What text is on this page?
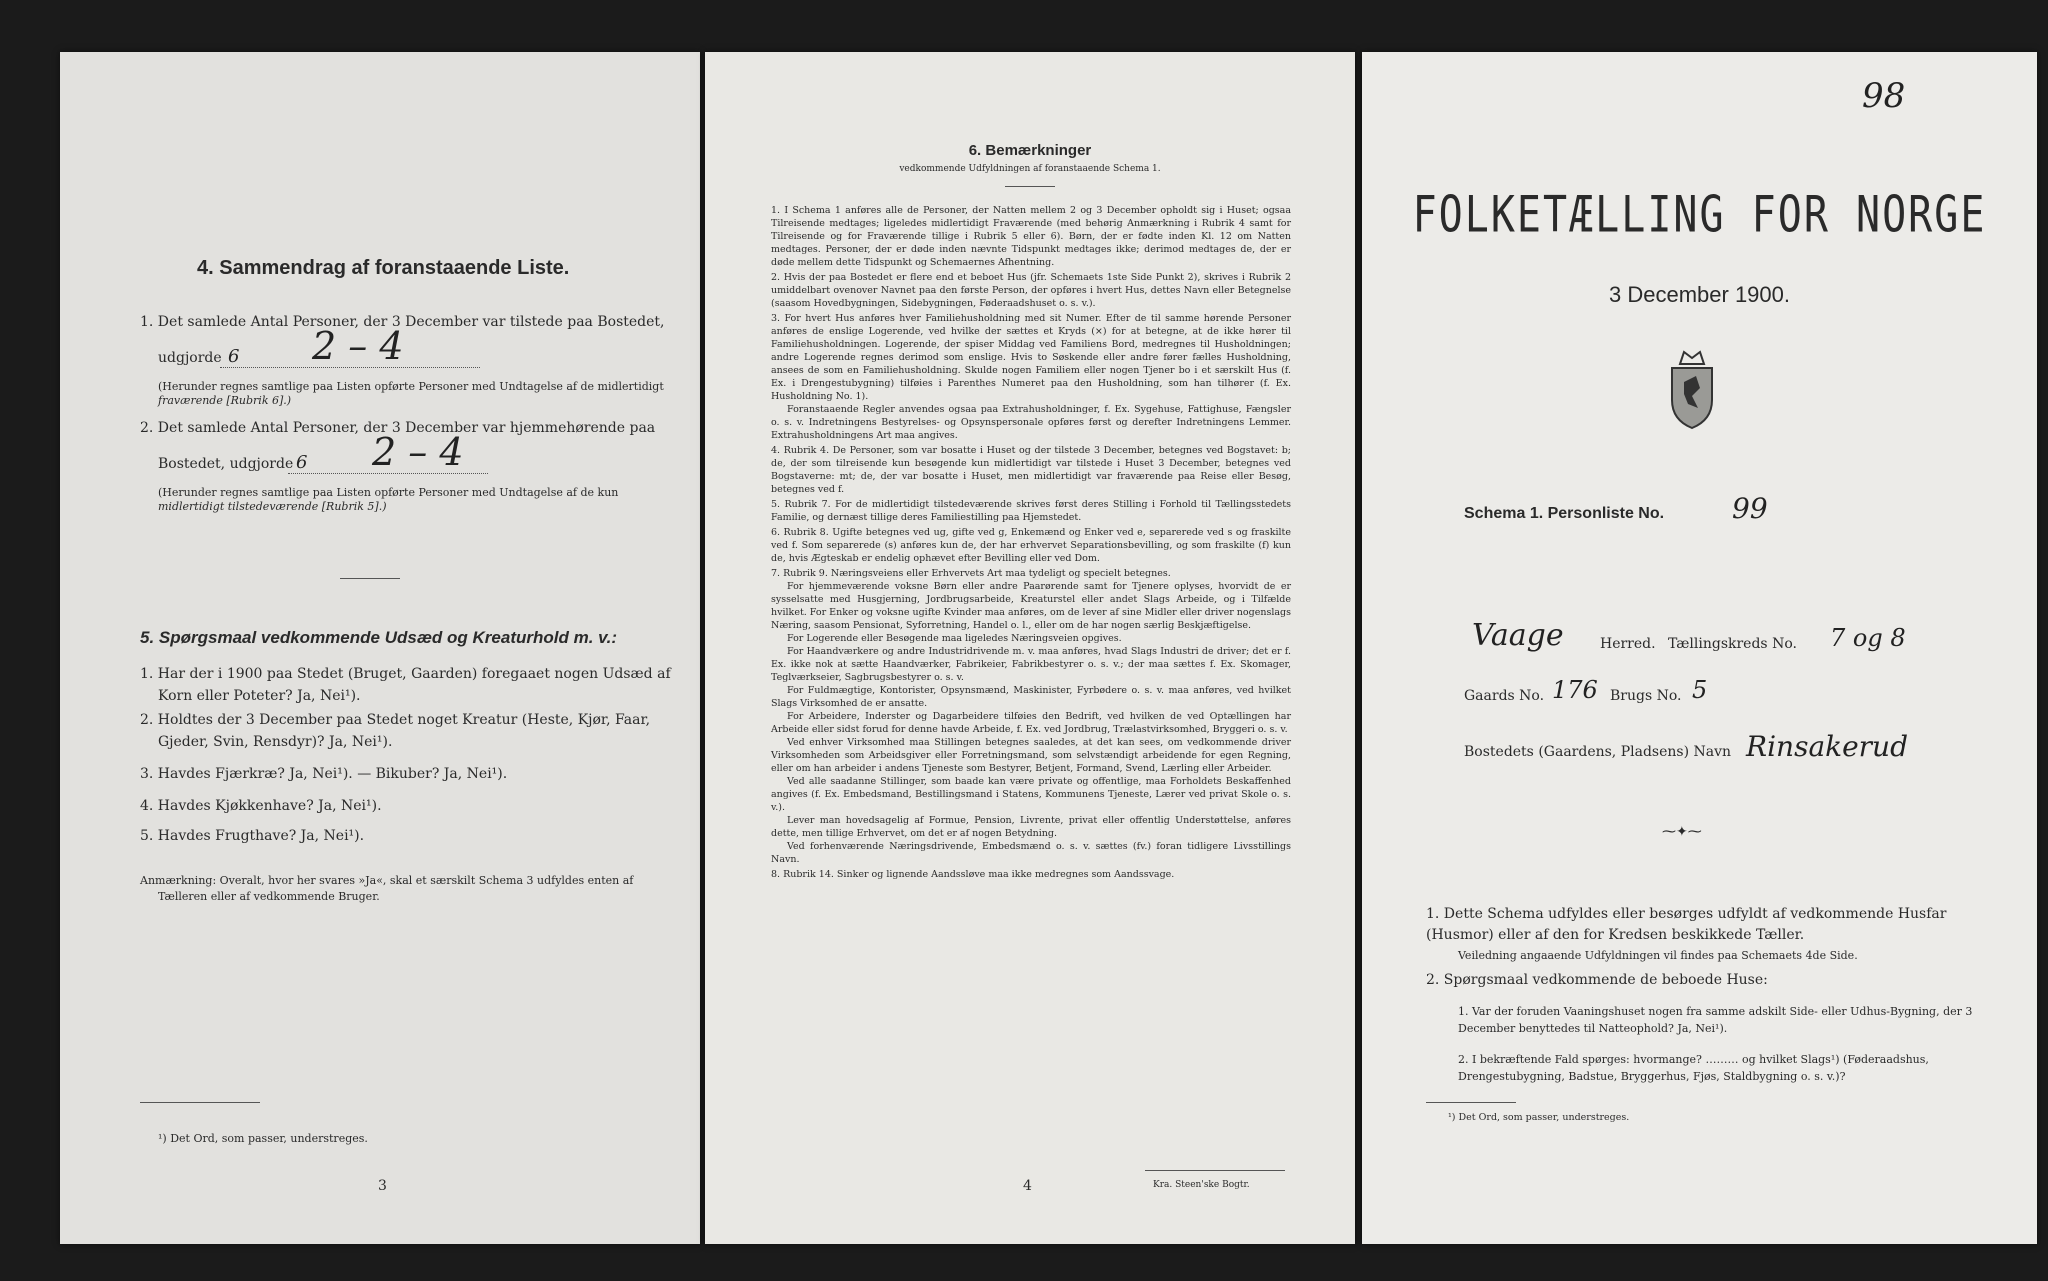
4. Sammendrag af foranstaaende Liste.
1. Det samlede Antal Personer, der 3 December var tilstede paa Bostedet,
udgjorde 6 2 – 4
(Herunder regnes samtlige paa Listen opførte Personer med Undtagelse af de midlertidigt
fraværende [Rubrik 6].)
2. Det samlede Antal Personer, der 3 December var hjemmehørende paa
Bostedet, udgjorde 6 2 – 4
(Herunder regnes samtlige paa Listen opførte Personer med Undtagelse af de kun
midlertidigt tilstedeværende [Rubrik 5].)
5. Spørgsmaal vedkommende Udsæd og Kreaturhold m. v.:
1. Har der i 1900 paa Stedet (Bruget, Gaarden) foregaaet nogen Udsæd af
Korn eller Poteter? Ja, Nei¹).
2. Holdtes der 3 December paa Stedet noget Kreatur (Heste, Kjør, Faar,
Gjeder, Svin, Rensdyr)? Ja, Nei¹).
3. Havdes Fjærkræ? Ja, Nei¹). — Bikuber? Ja, Nei¹).
4. Havdes Kjøkkenhave? Ja, Nei¹).
5. Havdes Frugthave? Ja, Nei¹).
Anmærkning: Overalt, hvor her svares »Ja«, skal et særskilt Schema 3 udfyldes enten af
Tælleren eller af vedkommende Bruger.
¹) Det Ord, som passer, understreges.
3
6. Bemærkninger
vedkommende Udfyldningen af foranstaaende Schema 1.
1. I Schema 1 anføres alle de Personer, der Natten mellem 2 og 3 December opholdt sig i Huset; ogsaa Tilreisende medtages; ligeledes midlertidigt Fraværende (med behørig Anmærkning i Rubrik 4 samt for Tilreisende og for Fraværende tillige i Rubrik 5 eller 6). Børn, der er fødte inden Kl. 12 om Natten medtages. Personer, der er døde inden nævnte Tidspunkt medtages ikke; derimod medtages de, der er døde mellem dette Tidspunkt og Schemaernes Afhentning.
2. Hvis der paa Bostedet er flere end et beboet Hus (jfr. Schemaets 1ste Side Punkt 2), skrives i Rubrik 2 umiddelbart ovenover Navnet paa den første Person, der opføres i hvert Hus, dettes Navn eller Betegnelse (saasom Hovedbygningen, Sidebygningen, Føderaadshuset o. s. v.).
3. For hvert Hus anføres hver Familiehusholdning med sit Numer. Efter de til samme hørende Personer anføres de enslige Logerende, ved hvilke der sættes et Kryds (×) for at betegne, at de ikke hører til Familiehusholdningen. Logerende, der spiser Middag ved Familiens Bord, medregnes til Husholdningen; andre Logerende regnes derimod som enslige. Hvis to Søskende eller andre fører fælles Husholdning, ansees de som en Familiehusholdning. Skulde nogen Familiem eller nogen Tjener bo i et særskilt Hus (f. Ex. i Drengestubygning) tilføies i Parenthes Numeret paa den Husholdning, som han tilhører (f. Ex. Husholdning No. 1).
Foranstaaende Regler anvendes ogsaa paa Extrahusholdninger, f. Ex. Sygehuse, Fattighuse, Fængsler o. s. v. Indretningens Bestyrelses- og Opsynspersonale opføres først og derefter Indretningens Lemmer. Extrahusholdningens Art maa angives.
4. Rubrik 4. De Personer, som var bosatte i Huset og der tilstede 3 December, betegnes ved Bogstavet: b; de, der som tilreisende kun besøgende kun midlertidigt var tilstede i Huset 3 December, betegnes ved Bogstaverne: mt; de, der var bosatte i Huset, men midlertidigt var fraværende paa Reise eller Besøg, betegnes ved f.
5. Rubrik 7. For de midlertidigt tilstedeværende skrives først deres Stilling i Forhold til Tællingsstedets Familie, og dernæst tillige deres Familiestilling paa Hjemstedet.
6. Rubrik 8. Ugifte betegnes ved ug, gifte ved g, Enkemænd og Enker ved e, separerede ved s og fraskilte ved f. Som separerede (s) anføres kun de, der har erhvervet Separationsbevilling, og som fraskilte (f) kun de, hvis Ægteskab er endelig ophævet efter Bevilling eller ved Dom.
7. Rubrik 9. Næringsveiens eller Erhvervets Art maa tydeligt og specielt betegnes.
For hjemmeværende voksne Børn eller andre Paarørende samt for Tjenere oplyses, hvorvidt de er sysselsatte med Husgjerning, Jordbrugsarbeide, Kreaturstel eller andet Slags Arbeide, og i Tilfælde hvilket. For Enker og voksne ugifte Kvinder maa anføres, om de lever af sine Midler eller driver nogenslags Næring, saasom Pensionat, Syforretning, Handel o. l., eller om de har nogen særlig Beskjæftigelse.
For Logerende eller Besøgende maa ligeledes Næringsveien opgives.
For Haandværkere og andre Industridrivende m. v. maa anføres, hvad Slags Industri de driver; det er f. Ex. ikke nok at sætte Haandværker, Fabrikeier, Fabrikbestyrer o. s. v.; der maa sættes f. Ex. Skomager, Teglværkseier, Sagbrugsbestyrer o. s. v.
For Fuldmægtige, Kontorister, Opsynsmænd, Maskinister, Fyrbødere o. s. v. maa anføres, ved hvilket Slags Virksomhed de er ansatte.
For Arbeidere, Inderster og Dagarbeidere tilføies den Bedrift, ved hvilken de ved Optællingen har Arbeide eller sidst forud for denne havde Arbeide, f. Ex. ved Jordbrug, Trælastvirksomhed, Bryggeri o. s. v.
Ved enhver Virksomhed maa Stillingen betegnes saaledes, at det kan sees, om vedkommende driver Virksomheden som Arbeidsgiver eller Forretningsmand, som selvstændigt arbeidende for egen Regning, eller om han arbeider i andens Tjeneste som Bestyrer, Betjent, Formand, Svend, Lærling eller Arbeider.
Ved alle saadanne Stillinger, som baade kan være private og offentlige, maa Forholdets Beskaffenhed angives (f. Ex. Embedsmand, Bestillingsmand i Statens, Kommunens Tjeneste, Lærer ved privat Skole o. s. v.).
Lever man hovedsagelig af Formue, Pension, Livrente, privat eller offentlig Understøttelse, anføres dette, men tillige Erhvervet, om det er af nogen Betydning.
Ved forhenværende Næringsdrivende, Embedsmænd o. s. v. sættes (fv.) foran tidligere Livsstillings Navn.
8. Rubrik 14. Sinker og lignende Aandssløve maa ikke medregnes som Aandssvage.
4	Kra. Steen'ske Bogtr.
98
FOLKETÆLLING FOR NORGE
3 December 1900.
Schema 1. Personliste No. 99
Vaage	Herred. Tællingskreds No. 7 og 8
Gaards No. 176 Brugs No. 5
Bostedets (Gaardens, Pladsens) Navn Rinsakerud
⁓✦⁓
1. Dette Schema udfyldes eller besørges udfyldt af vedkommende Husfar (Husmor) eller af den for Kredsen beskikkede Tæller.
Veiledning angaaende Udfyldningen vil findes paa Schemaets 4de Side.
2. Spørgsmaal vedkommende de beboede Huse:
1. Var der foruden Vaaningshuset nogen fra samme adskilt Side- eller Udhus-Bygning, der 3 December benyttedes til Natteophold? Ja, Nei¹).
2. I bekræftende Fald spørges: hvormange? ……… og hvilket Slags¹) (Føderaadshus, Drengestubygning, Badstue, Bryggerhus, Fjøs, Staldbygning o. s. v.)?
¹) Det Ord, som passer, understreges.
